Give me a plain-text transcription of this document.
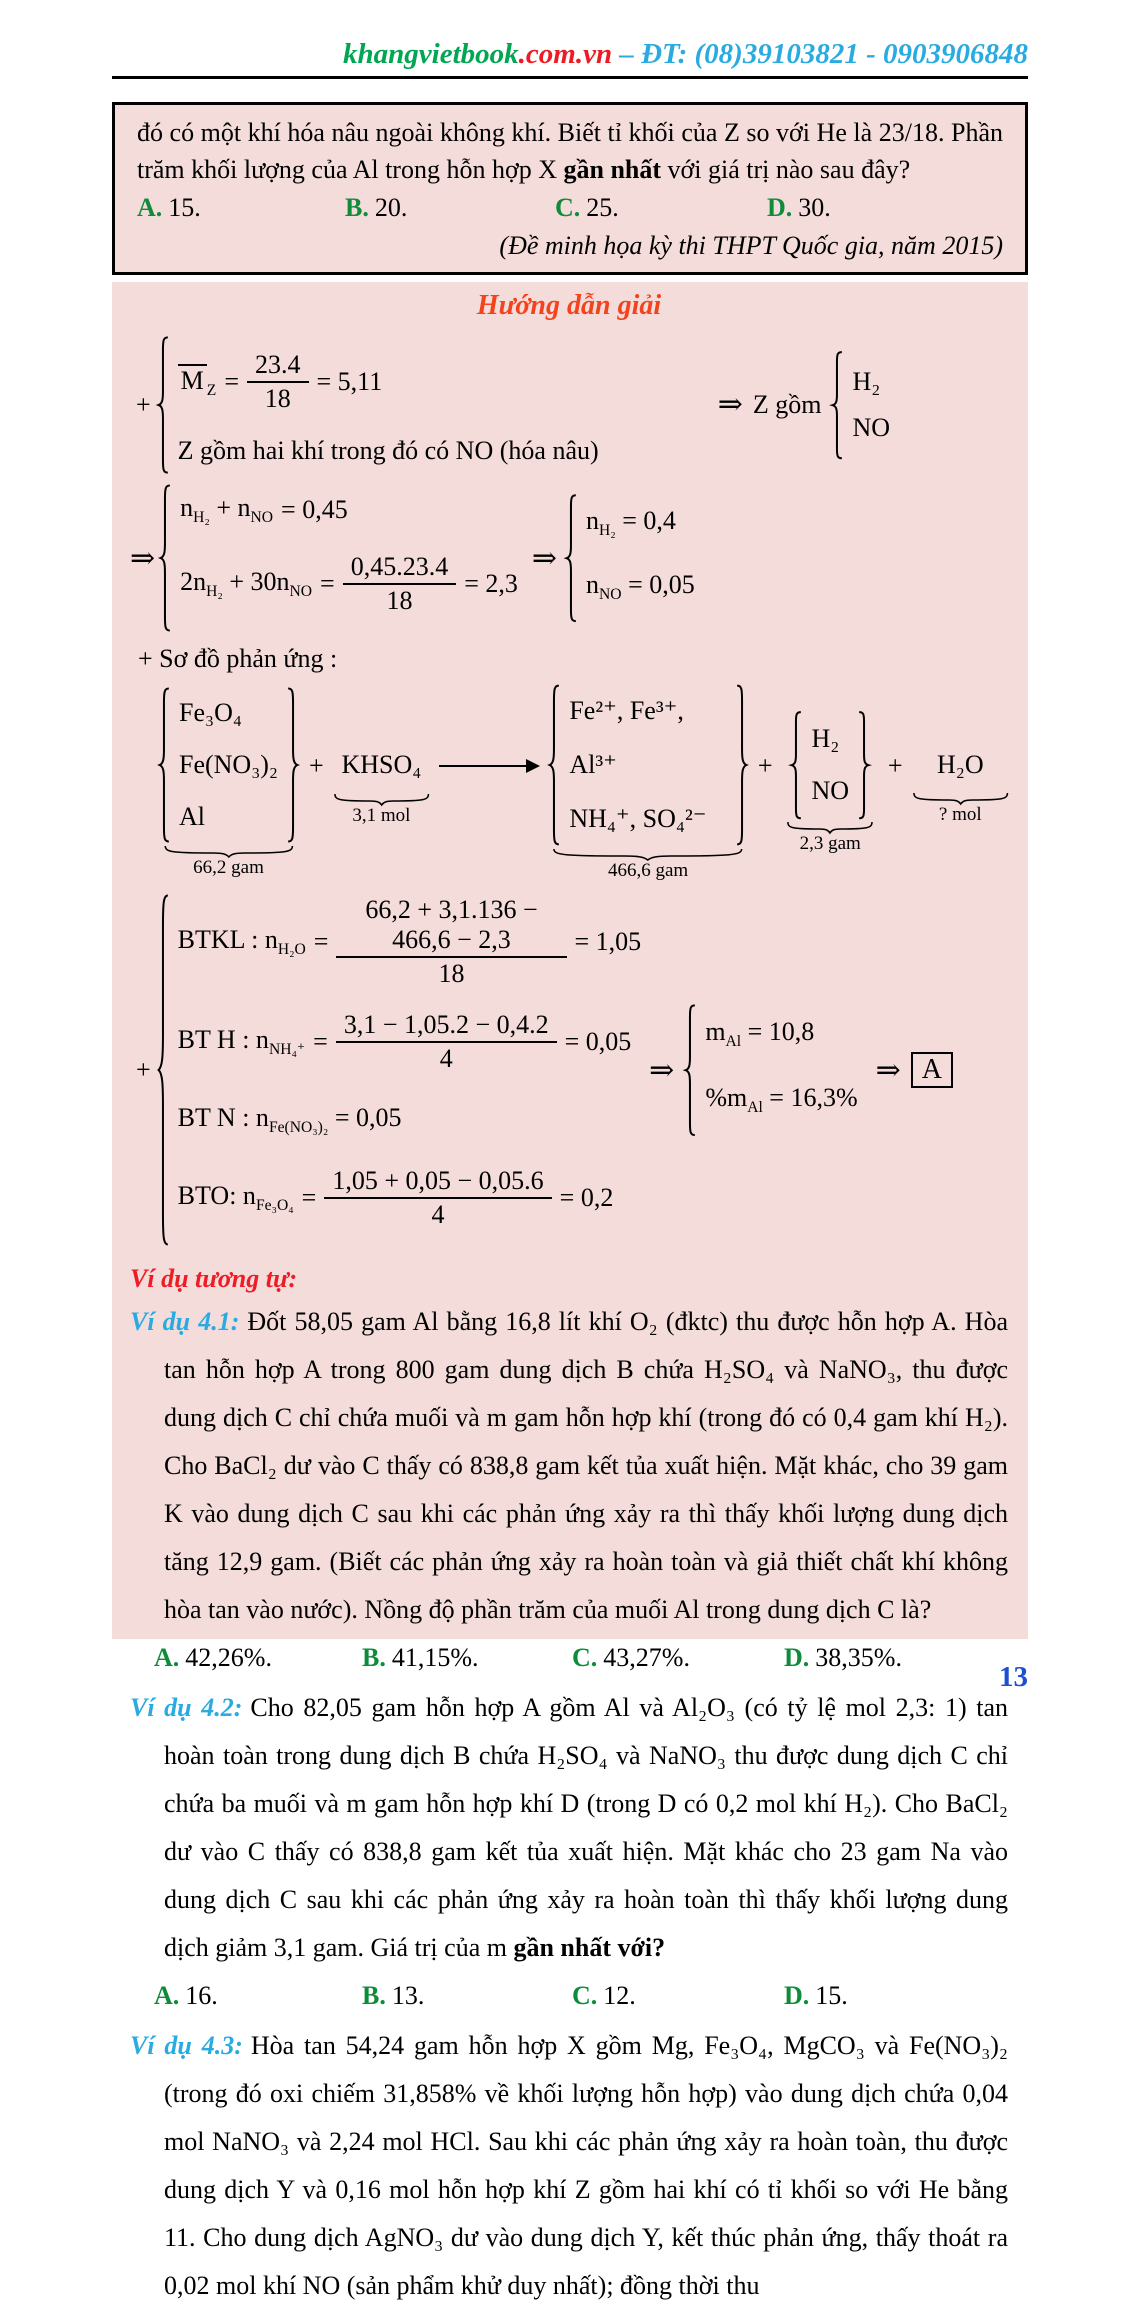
khangvietbook.com.vn – ĐT: (08)39103821 - 0903906848

đó có một khí hóa nâu ngoài không khí. Biết tỉ khối của Z so với He là 23/18. Phần trăm khối lượng của Al trong hỗn hợp X gần nhất với giá trị nào sau đây?

A. 15.	B. 20.	C. 25.	D. 30.
(Đề minh họa kỳ thi THPT Quốc gia, năm 2015)
Hướng dẫn giải
+
M $_Z = \frac{23.4}{18} = 5,11$
Z gồm hai khí trong đó có NO (hóa nâu)
⇒ Z gồm
H₂
NO
⇒
$n_{H_2} + n_{NO} = 0,45$
$2n_{H_2} + 30n_{NO} = \frac{0,45.23.4}{18} = 2,3$
⇒
$n_{H_2} = 0,4$
$n_{NO} = 0,05$
+ Sơ đồ phản ứng :
Fe₃O₄
Fe(NO₃)₂
Al
66,2 gam
+ KHSO₄
3,1 mol
Fe²⁺, Fe³⁺, Al³⁺
NH₄⁺, SO₄²⁻
466,6 gam
+
H₂
NO
2,3 gam
+ H₂O
? mol
+
BTKL : $n_{H_2O} = \frac{66,2 + 3,1.136 - 466,6 - 2,3}{18} = 1,05$
BT H : $n_{NH_4^+} = \frac{3,1 - 1,05.2 - 0,4.2}{4} = 0,05$
BT N : $n_{Fe(NO_3)_2} = 0,05$
BTO: $n_{Fe_3O_4} = \frac{1,05 + 0,05 - 0,05.6}{4} = 0,2$
⇒
$m_{Al} = 10,8$
$\%m_{Al} = 16,3\%$
⇒ A
Ví dụ tương tự:

Ví dụ 4.1: Đốt 58,05 gam Al bằng 16,8 lít khí O₂ (đktc) thu được hỗn hợp A. Hòa tan hỗn hợp A trong 800 gam dung dịch B chứa H₂SO₄ và NaNO₃, thu được dung dịch C chỉ chứa muối và m gam hỗn hợp khí (trong đó có 0,4 gam khí H₂). Cho BaCl₂ dư vào C thấy có 838,8 gam kết tủa xuất hiện. Mặt khác, cho 39 gam K vào dung dịch C sau khi các phản ứng xảy ra thì thấy khối lượng dung dịch tăng 12,9 gam. (Biết các phản ứng xảy ra hoàn toàn và giả thiết chất khí không hòa tan vào nước). Nồng độ phần trăm của muối Al trong dung dịch C là?

A. 42,26%.	B. 41,15%.	C. 43,27%.	D. 38,35%.

Ví dụ 4.2: Cho 82,05 gam hỗn hợp A gồm Al và Al₂O₃ (có tỷ lệ mol 2,3: 1) tan hoàn toàn trong dung dịch B chứa H₂SO₄ và NaNO₃ thu được dung dịch C chỉ chứa ba muối và m gam hỗn hợp khí D (trong D có 0,2 mol khí H₂). Cho BaCl₂ dư vào C thấy có 838,8 gam kết tủa xuất hiện. Mặt khác cho 23 gam Na vào dung dịch C sau khi các phản ứng xảy ra hoàn toàn thì thấy khối lượng dung dịch giảm 3,1 gam. Giá trị của m gần nhất với?

A. 16.	B. 13.	C. 12.	D. 15.

Ví dụ 4.3: Hòa tan 54,24 gam hỗn hợp X gồm Mg, Fe₃O₄, MgCO₃ và Fe(NO₃)₂ (trong đó oxi chiếm 31,858% về khối lượng hỗn hợp) vào dung dịch chứa 0,04 mol NaNO₃ và 2,24 mol HCl. Sau khi các phản ứng xảy ra hoàn toàn, thu được dung dịch Y và 0,16 mol hỗn hợp khí Z gồm hai khí có tỉ khối so với He bằng 11. Cho dung dịch AgNO₃ dư vào dung dịch Y, kết thúc phản ứng, thấy thoát ra 0,02 mol khí NO (sản phẩm khử duy nhất); đồng thời thu

13
